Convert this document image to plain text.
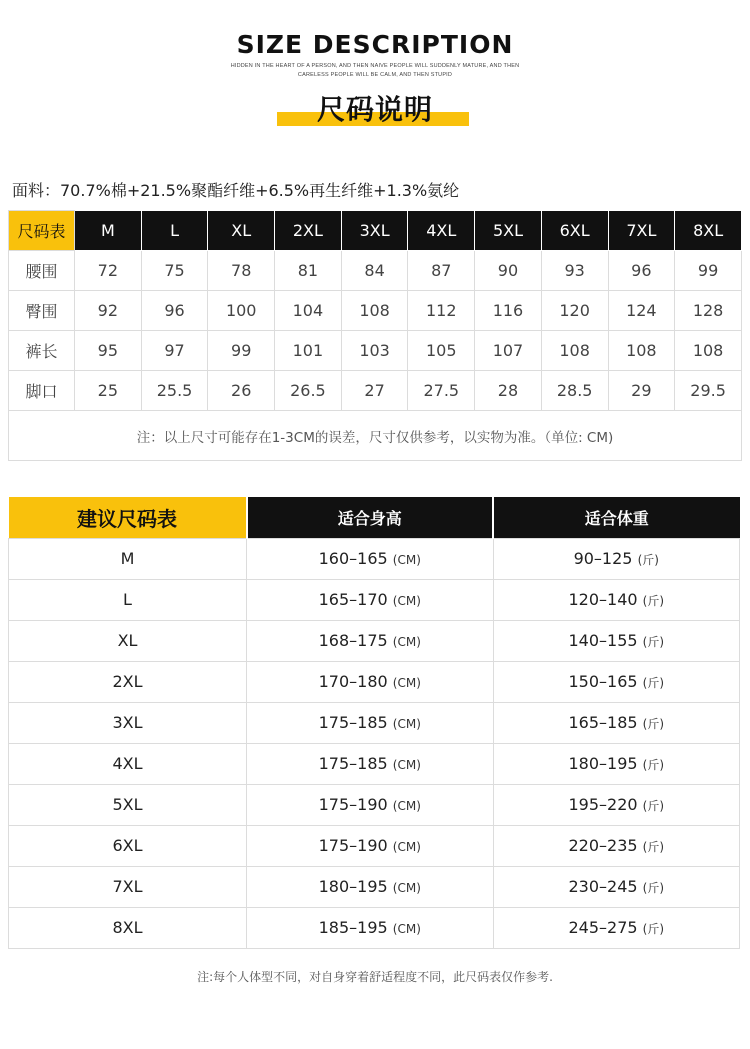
SIZE DESCRIPTION
HIDDEN IN THE HEART OF A PERSON, AND THEN NAIVE PEOPLE WILL SUDDENLY MATURE, AND THEN
CARELESS PEOPLE WILL BE CALM, AND THEN STUPID
尺码说明
面料：70.7%棉+21.5%聚酯纤维+6.5%再生纤维+1.3%氨纶
尺码表	M	L	XL	2XL	3XL	4XL	5XL	6XL	7XL	8XL
腰围	72	75	78	81	84	87	90	93	96	99
臀围	92	96	100	104	108	112	116	120	124	128
裤长	95	97	99	101	103	105	107	108	108	108
脚口	25	25.5	26	26.5	27	27.5	28	28.5	29	29.5
注：以上尺寸可能存在1-3CM的误差，尺寸仅供参考，以实物为准。（单位: CM)										
建议尺码表	适合身高	适合体重
M	160–165 (CM)	90–125 (斤)
L	165–170 (CM)	120–140 (斤)
XL	168–175 (CM)	140–155 (斤)
2XL	170–180 (CM)	150–165 (斤)
3XL	175–185 (CM)	165–185 (斤)
4XL	175–185 (CM)	180–195 (斤)
5XL	175–190 (CM)	195–220 (斤)
6XL	175–190 (CM)	220–235 (斤)
7XL	180–195 (CM)	230–245 (斤)
8XL	185–195 (CM)	245–275 (斤)
注:每个人体型不同，对自身穿着舒适程度不同，此尺码表仅作参考.
